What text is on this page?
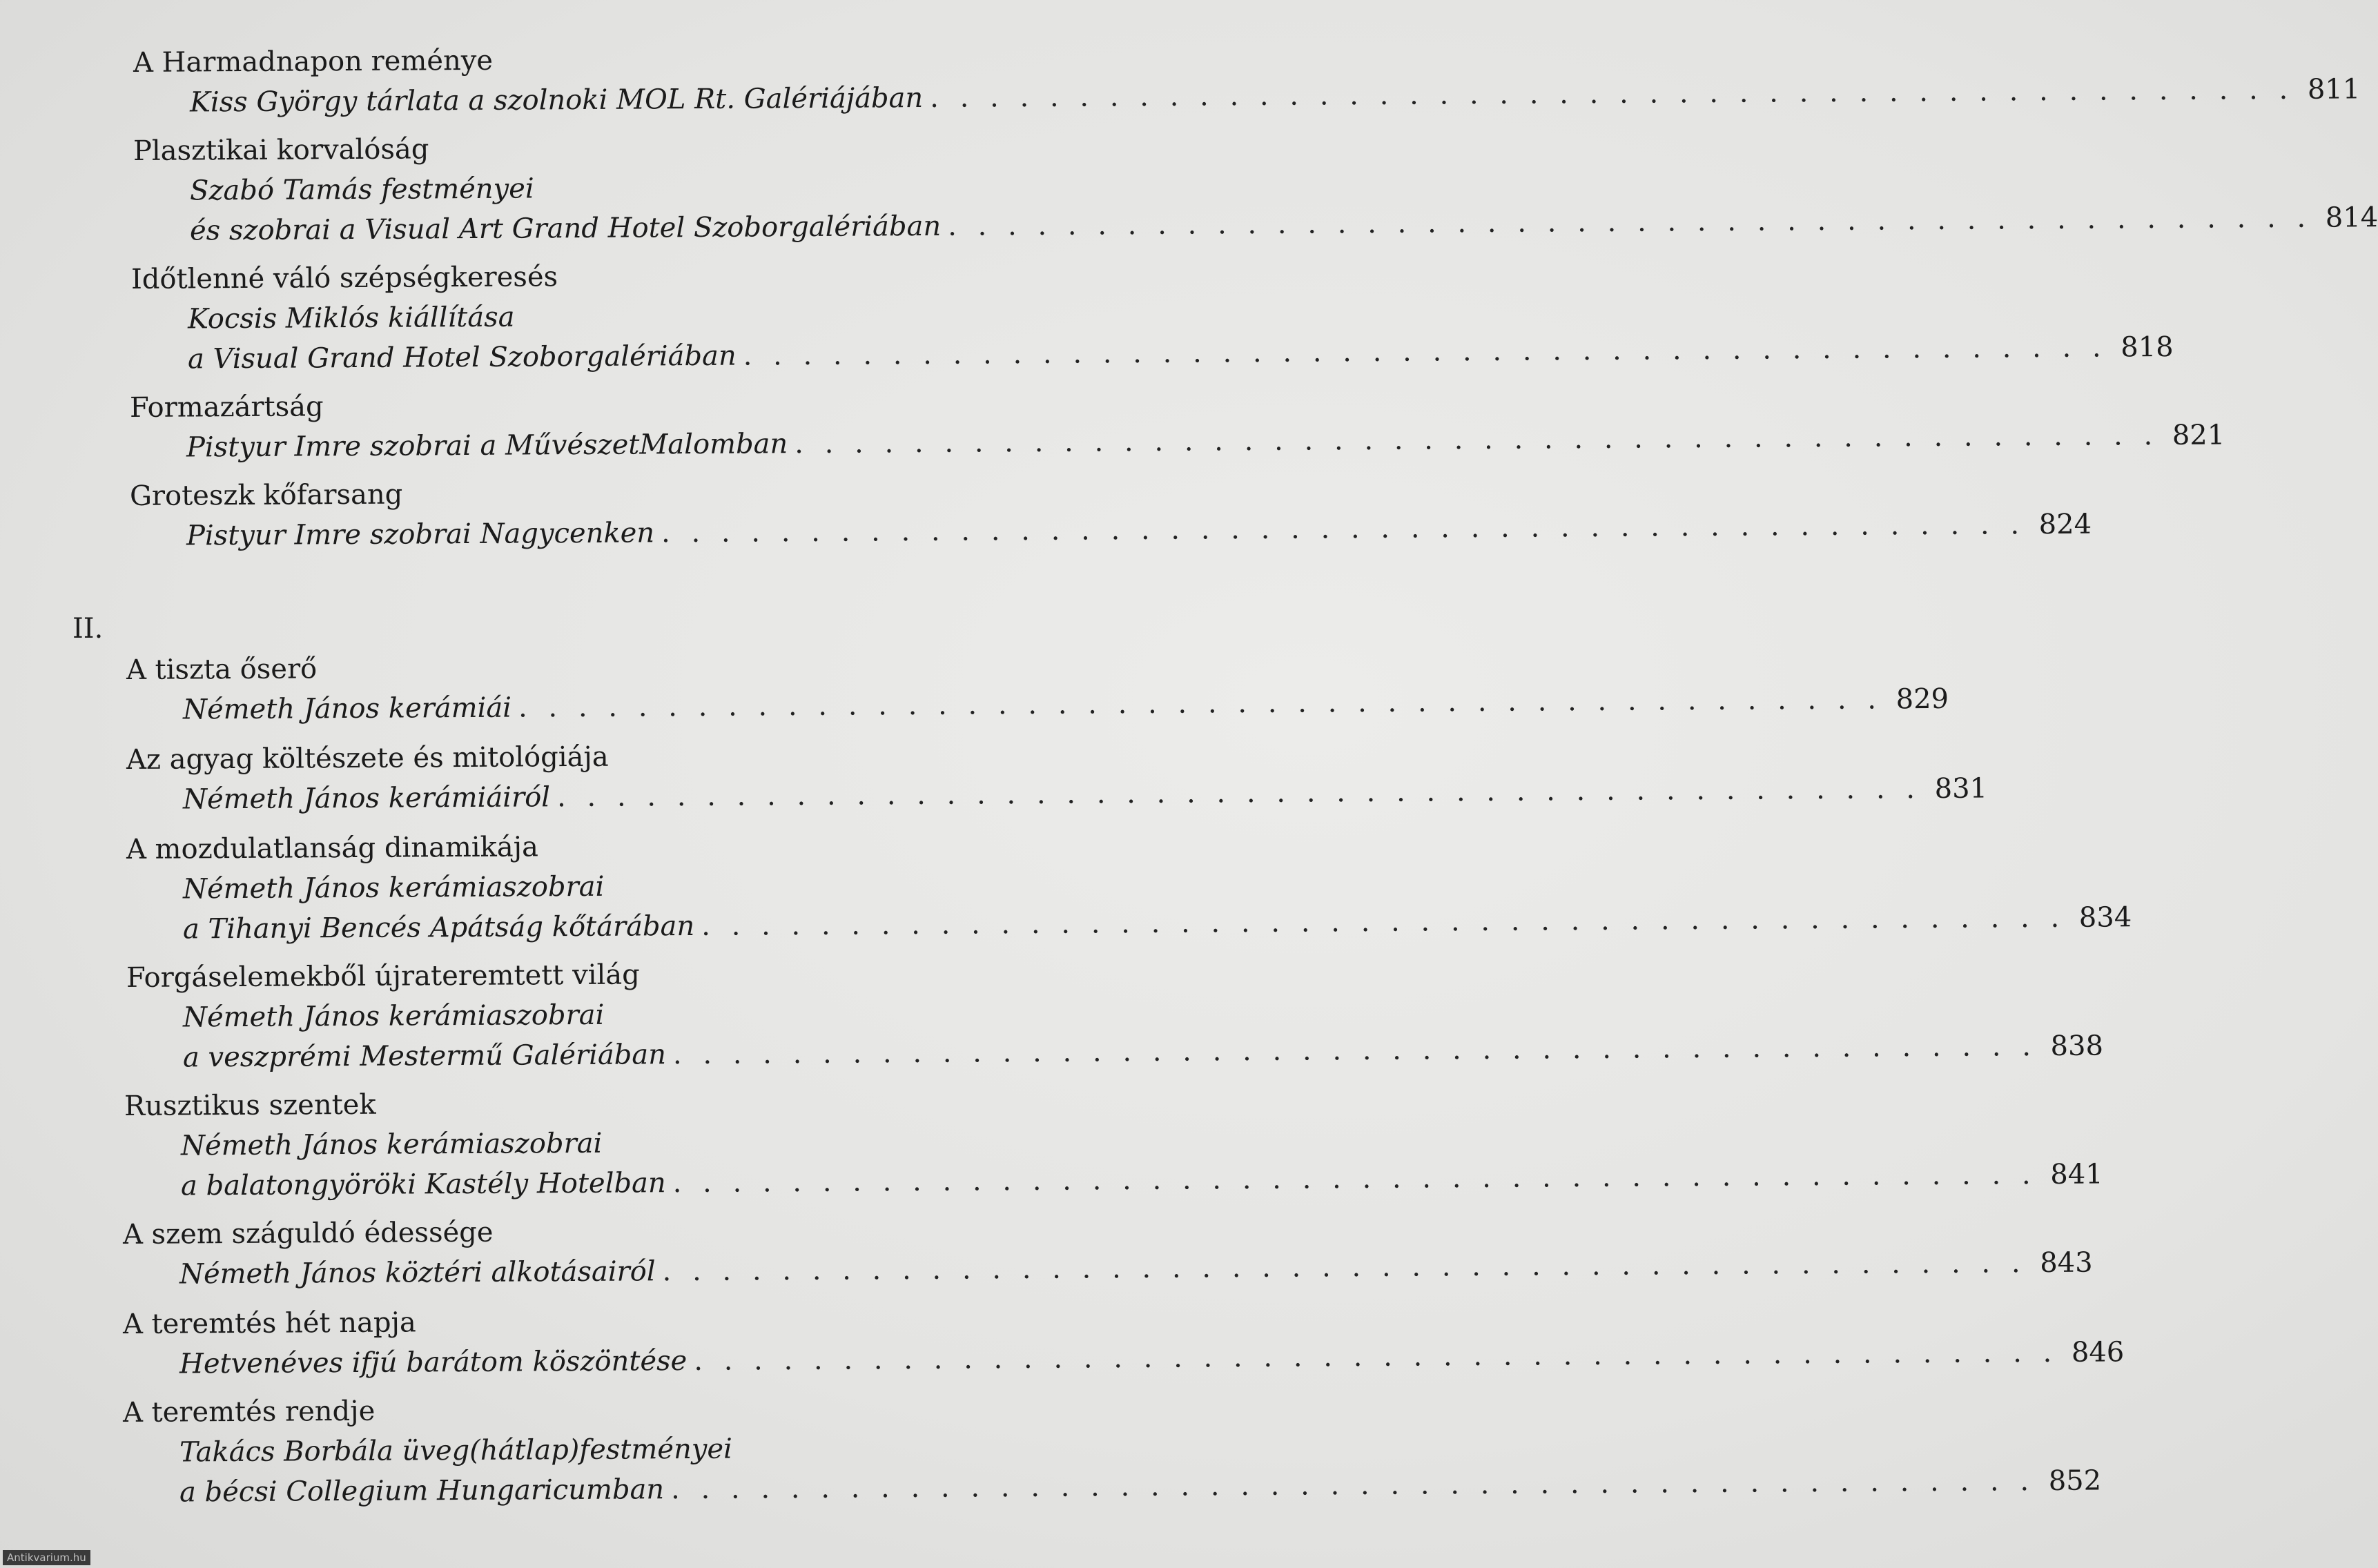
II.
Antikvarium.hu
A Harmadnapon reménye
Kiss György tárlata a szolnoki MOL Rt. Galériájában . . . . . . . . . . . . . . . . . . . . . . . . . . . . . . . . . . . . . . . . . . . . . . 811
Plasztikai korvalóság
Szabó Tamás festményei
és szobrai a Visual Art Grand Hotel Szoborgalériában . . . . . . . . . . . . . . . . . . . . . . . . . . . . . . . . . . . . . . . . . . . . . . 814
Időtlenné váló szépségkeresés
Kocsis Miklós kiállítása
a Visual Grand Hotel Szoborgalériában . . . . . . . . . . . . . . . . . . . . . . . . . . . . . . . . . . . . . . . . . . . . . . 818
Formazártság
Pistyur Imre szobrai a MűvészetMalomban . . . . . . . . . . . . . . . . . . . . . . . . . . . . . . . . . . . . . . . . . . . . . . 821
Groteszk kőfarsang
Pistyur Imre szobrai Nagycenken . . . . . . . . . . . . . . . . . . . . . . . . . . . . . . . . . . . . . . . . . . . . . . 824
A tiszta őserő
Németh János kerámiái . . . . . . . . . . . . . . . . . . . . . . . . . . . . . . . . . . . . . . . . . . . . . . 829
Az agyag költészete és mitológiája
Németh János kerámiáiról . . . . . . . . . . . . . . . . . . . . . . . . . . . . . . . . . . . . . . . . . . . . . . 831
A mozdulatlanság dinamikája
Németh János kerámiaszobrai
a Tihanyi Bencés Apátság kőtárában . . . . . . . . . . . . . . . . . . . . . . . . . . . . . . . . . . . . . . . . . . . . . . 834
Forgáselemekből újrateremtett világ
Németh János kerámiaszobrai
a veszprémi Mestermű Galériában . . . . . . . . . . . . . . . . . . . . . . . . . . . . . . . . . . . . . . . . . . . . . . 838
Rusztikus szentek
Németh János kerámiaszobrai
a balatongyöröki Kastély Hotelban . . . . . . . . . . . . . . . . . . . . . . . . . . . . . . . . . . . . . . . . . . . . . . 841
A szem száguldó édessége
Németh János köztéri alkotásairól . . . . . . . . . . . . . . . . . . . . . . . . . . . . . . . . . . . . . . . . . . . . . . 843
A teremtés hét napja
Hetvenéves ifjú barátom köszöntése . . . . . . . . . . . . . . . . . . . . . . . . . . . . . . . . . . . . . . . . . . . . . . 846
A teremtés rendje
Takács Borbála üveg(hátlap)festményei
a bécsi Collegium Hungaricumban . . . . . . . . . . . . . . . . . . . . . . . . . . . . . . . . . . . . . . . . . . . . . . 852
